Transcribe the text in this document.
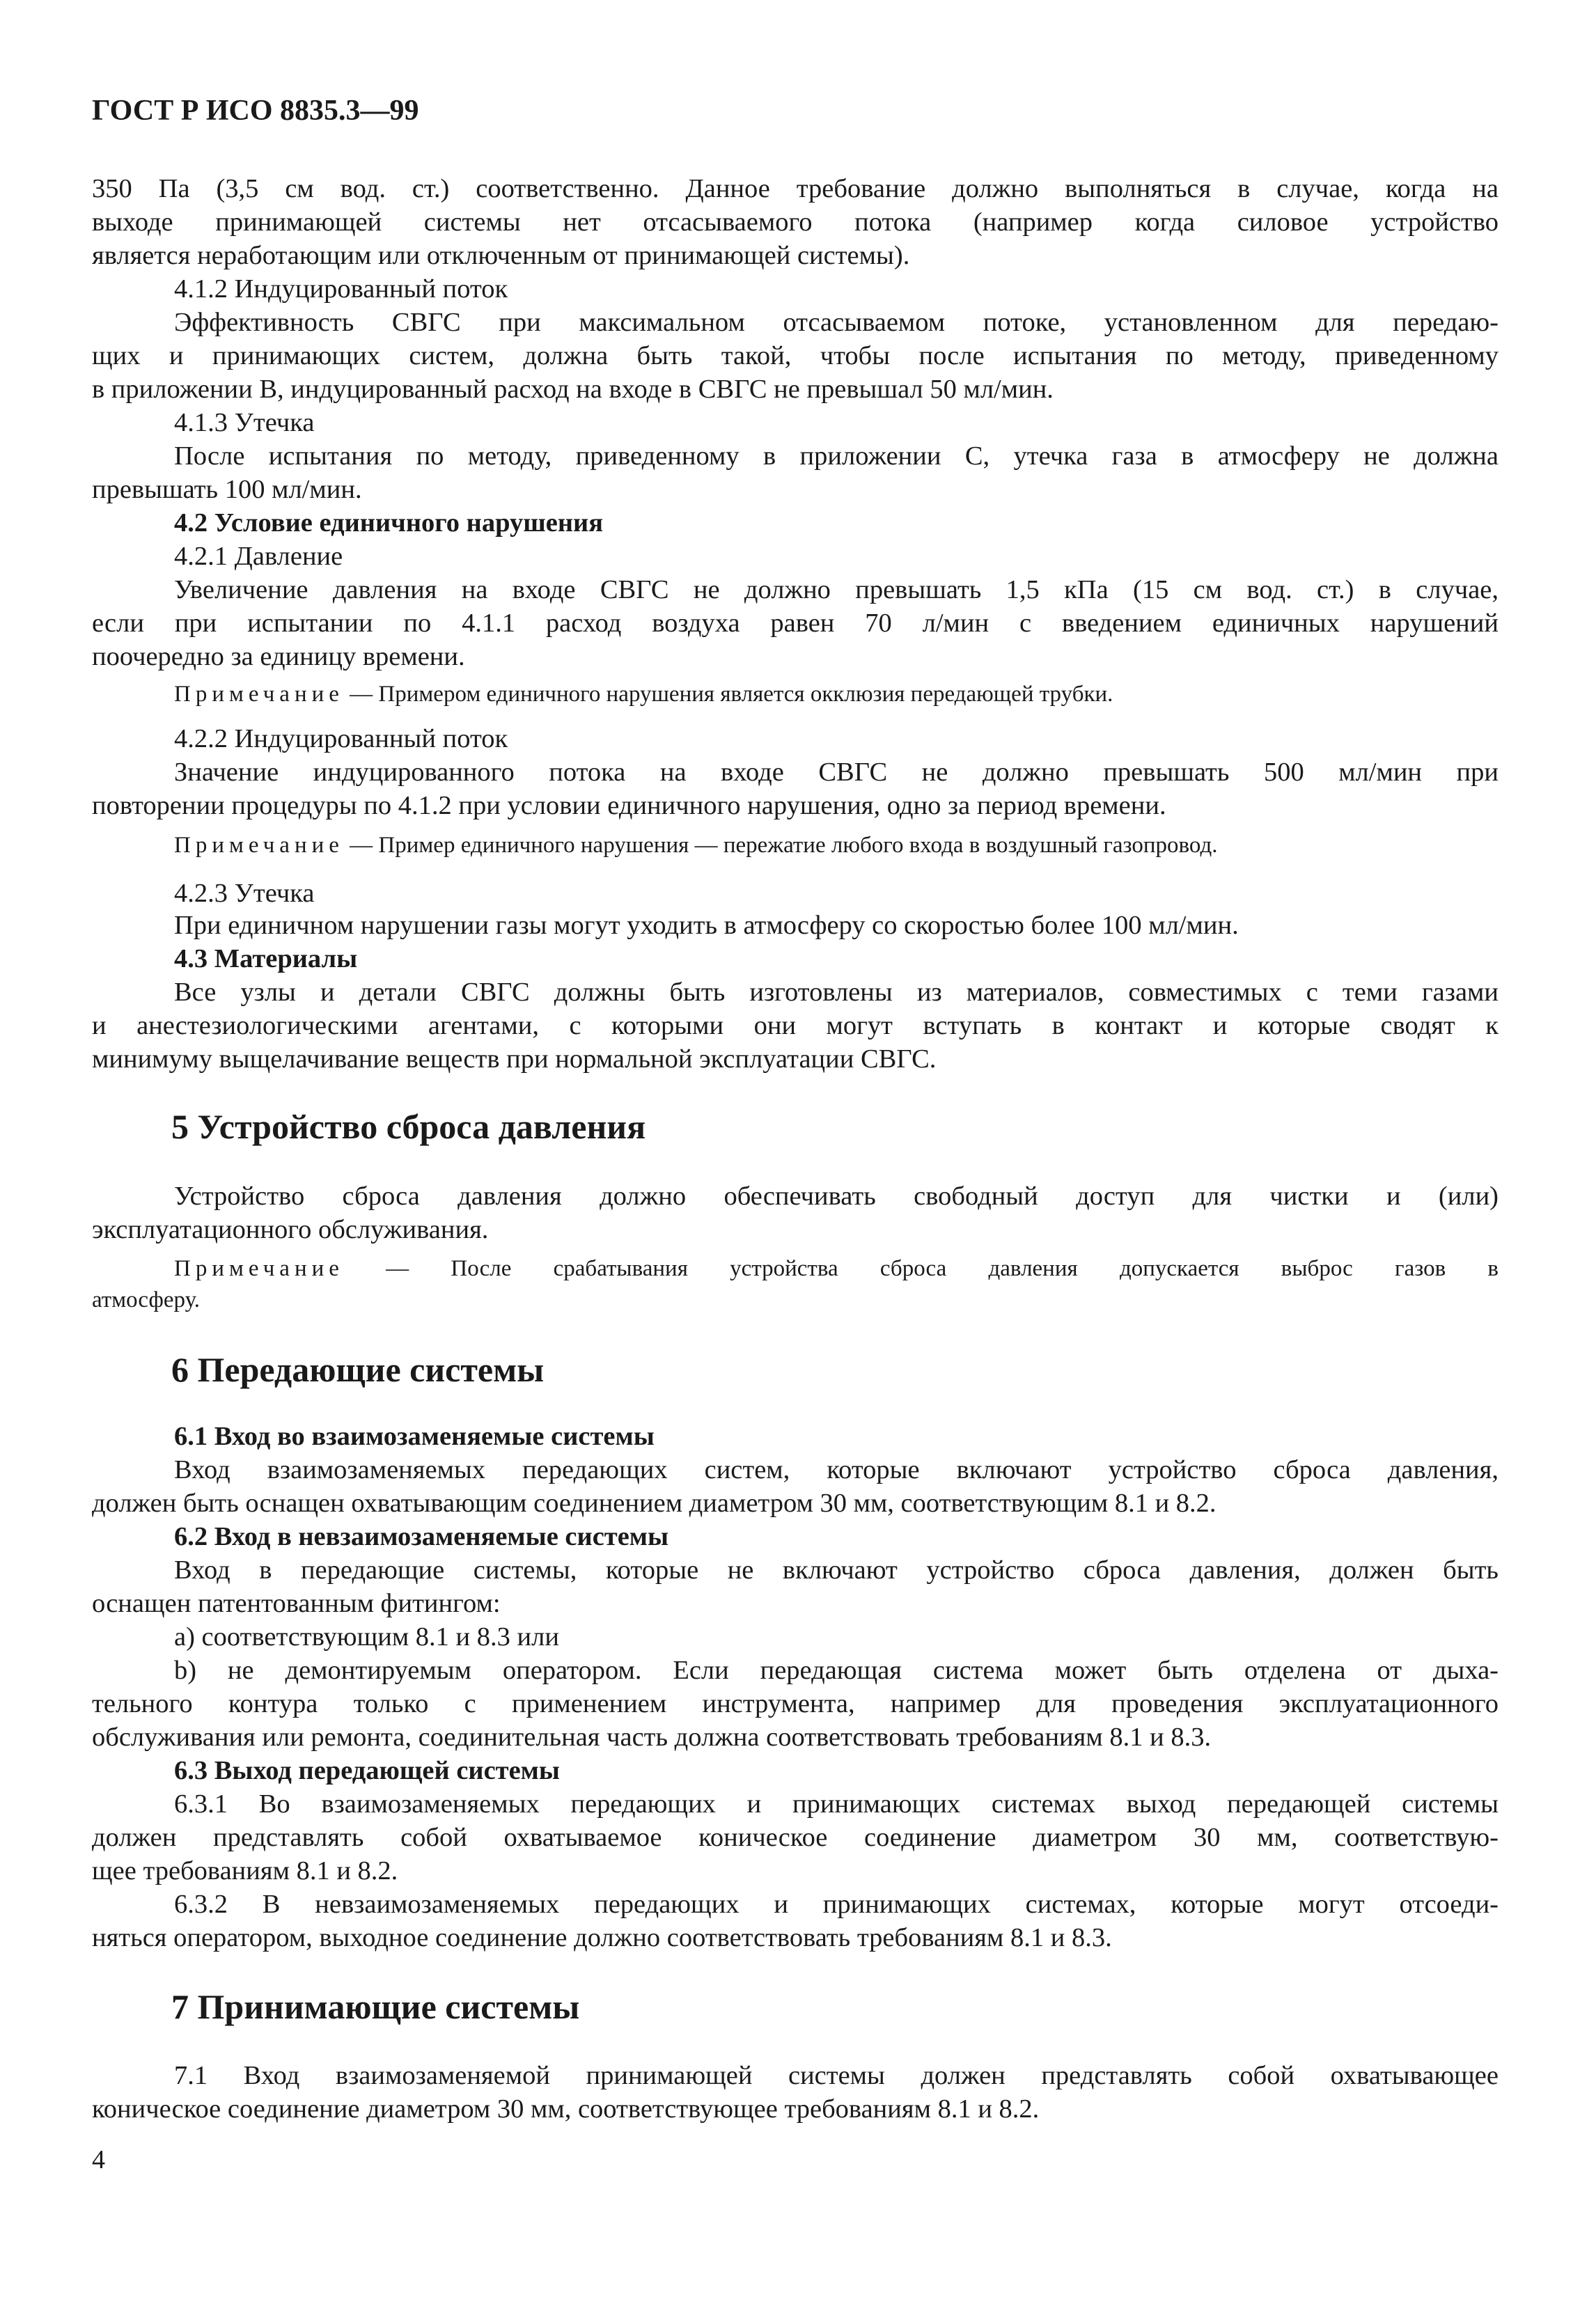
ГОСТ Р ИСО 8835.3—99
350 Па (3,5 см вод. ст.) соответственно. Данное требование должно выполняться в случае, когда на
выходе принимающей системы нет отсасываемого потока (например когда силовое устройство
является неработающим или отключенным от принимающей системы).
4.1.2 Индуцированный поток
Эффективность СВГС при максимальном отсасываемом потоке, установленном для передаю-
щих и принимающих систем, должна быть такой, чтобы после испытания по методу, приведенному
в приложении В, индуцированный расход на входе в СВГС не превышал 50 мл/мин.
4.1.3 Утечка
После испытания по методу, приведенному в приложении С, утечка газа в атмосферу не должна
превышать 100 мл/мин.
4.2 Условие единичного нарушения
4.2.1 Давление
Увеличение давления на входе СВГС не должно превышать 1,5 кПа (15 см вод. ст.) в случае,
если при испытании по 4.1.1 расход воздуха равен 70 л/мин с введением единичных нарушений
поочередно за единицу времени.
Примечание — Примером единичного нарушения является окклюзия передающей трубки.
4.2.2 Индуцированный поток
Значение индуцированного потока на входе СВГС не должно превышать 500 мл/мин при
повторении процедуры по 4.1.2 при условии единичного нарушения, одно за период времени.
Примечание — Пример единичного нарушения — пережатие любого входа в воздушный газопровод.
4.2.3 Утечка
При единичном нарушении газы могут уходить в атмосферу со скоростью более 100 мл/мин.
4.3 Материалы
Все узлы и детали СВГС должны быть изготовлены из материалов, совместимых с теми газами
и анестезиологическими агентами, с которыми они могут вступать в контакт и которые сводят к
минимуму выщелачивание веществ при нормальной эксплуатации СВГС.
5 Устройство сброса давления
Устройство сброса давления должно обеспечивать свободный доступ для чистки и (или)
эксплуатационного обслуживания.
Примечание — После срабатывания устройства сброса давления допускается выброс газов в
атмосферу.
6 Передающие системы
6.1 Вход во взаимозаменяемые системы
Вход взаимозаменяемых передающих систем, которые включают устройство сброса давления,
должен быть оснащен охватывающим соединением диаметром 30 мм, соответствующим 8.1 и 8.2.
6.2 Вход в невзаимозаменяемые системы
Вход в передающие системы, которые не включают устройство сброса давления, должен быть
оснащен патентованным фитингом:
a) соответствующим 8.1 и 8.3 или
b) не демонтируемым оператором. Если передающая система может быть отделена от дыха-
тельного контура только с применением инструмента, например для проведения эксплуатационного
обслуживания или ремонта, соединительная часть должна соответствовать требованиям 8.1 и 8.3.
6.3 Выход передающей системы
6.3.1 Во взаимозаменяемых передающих и принимающих системах выход передающей системы
должен представлять собой охватываемое коническое соединение диаметром 30 мм, соответствую-
щее требованиям 8.1 и 8.2.
6.3.2 В невзаимозаменяемых передающих и принимающих системах, которые могут отсоеди-
няться оператором, выходное соединение должно соответствовать требованиям 8.1 и 8.3.
7 Принимающие системы
7.1 Вход взаимозаменяемой принимающей системы должен представлять собой охватывающее
коническое соединение диаметром 30 мм, соответствующее требованиям 8.1 и 8.2.
4
